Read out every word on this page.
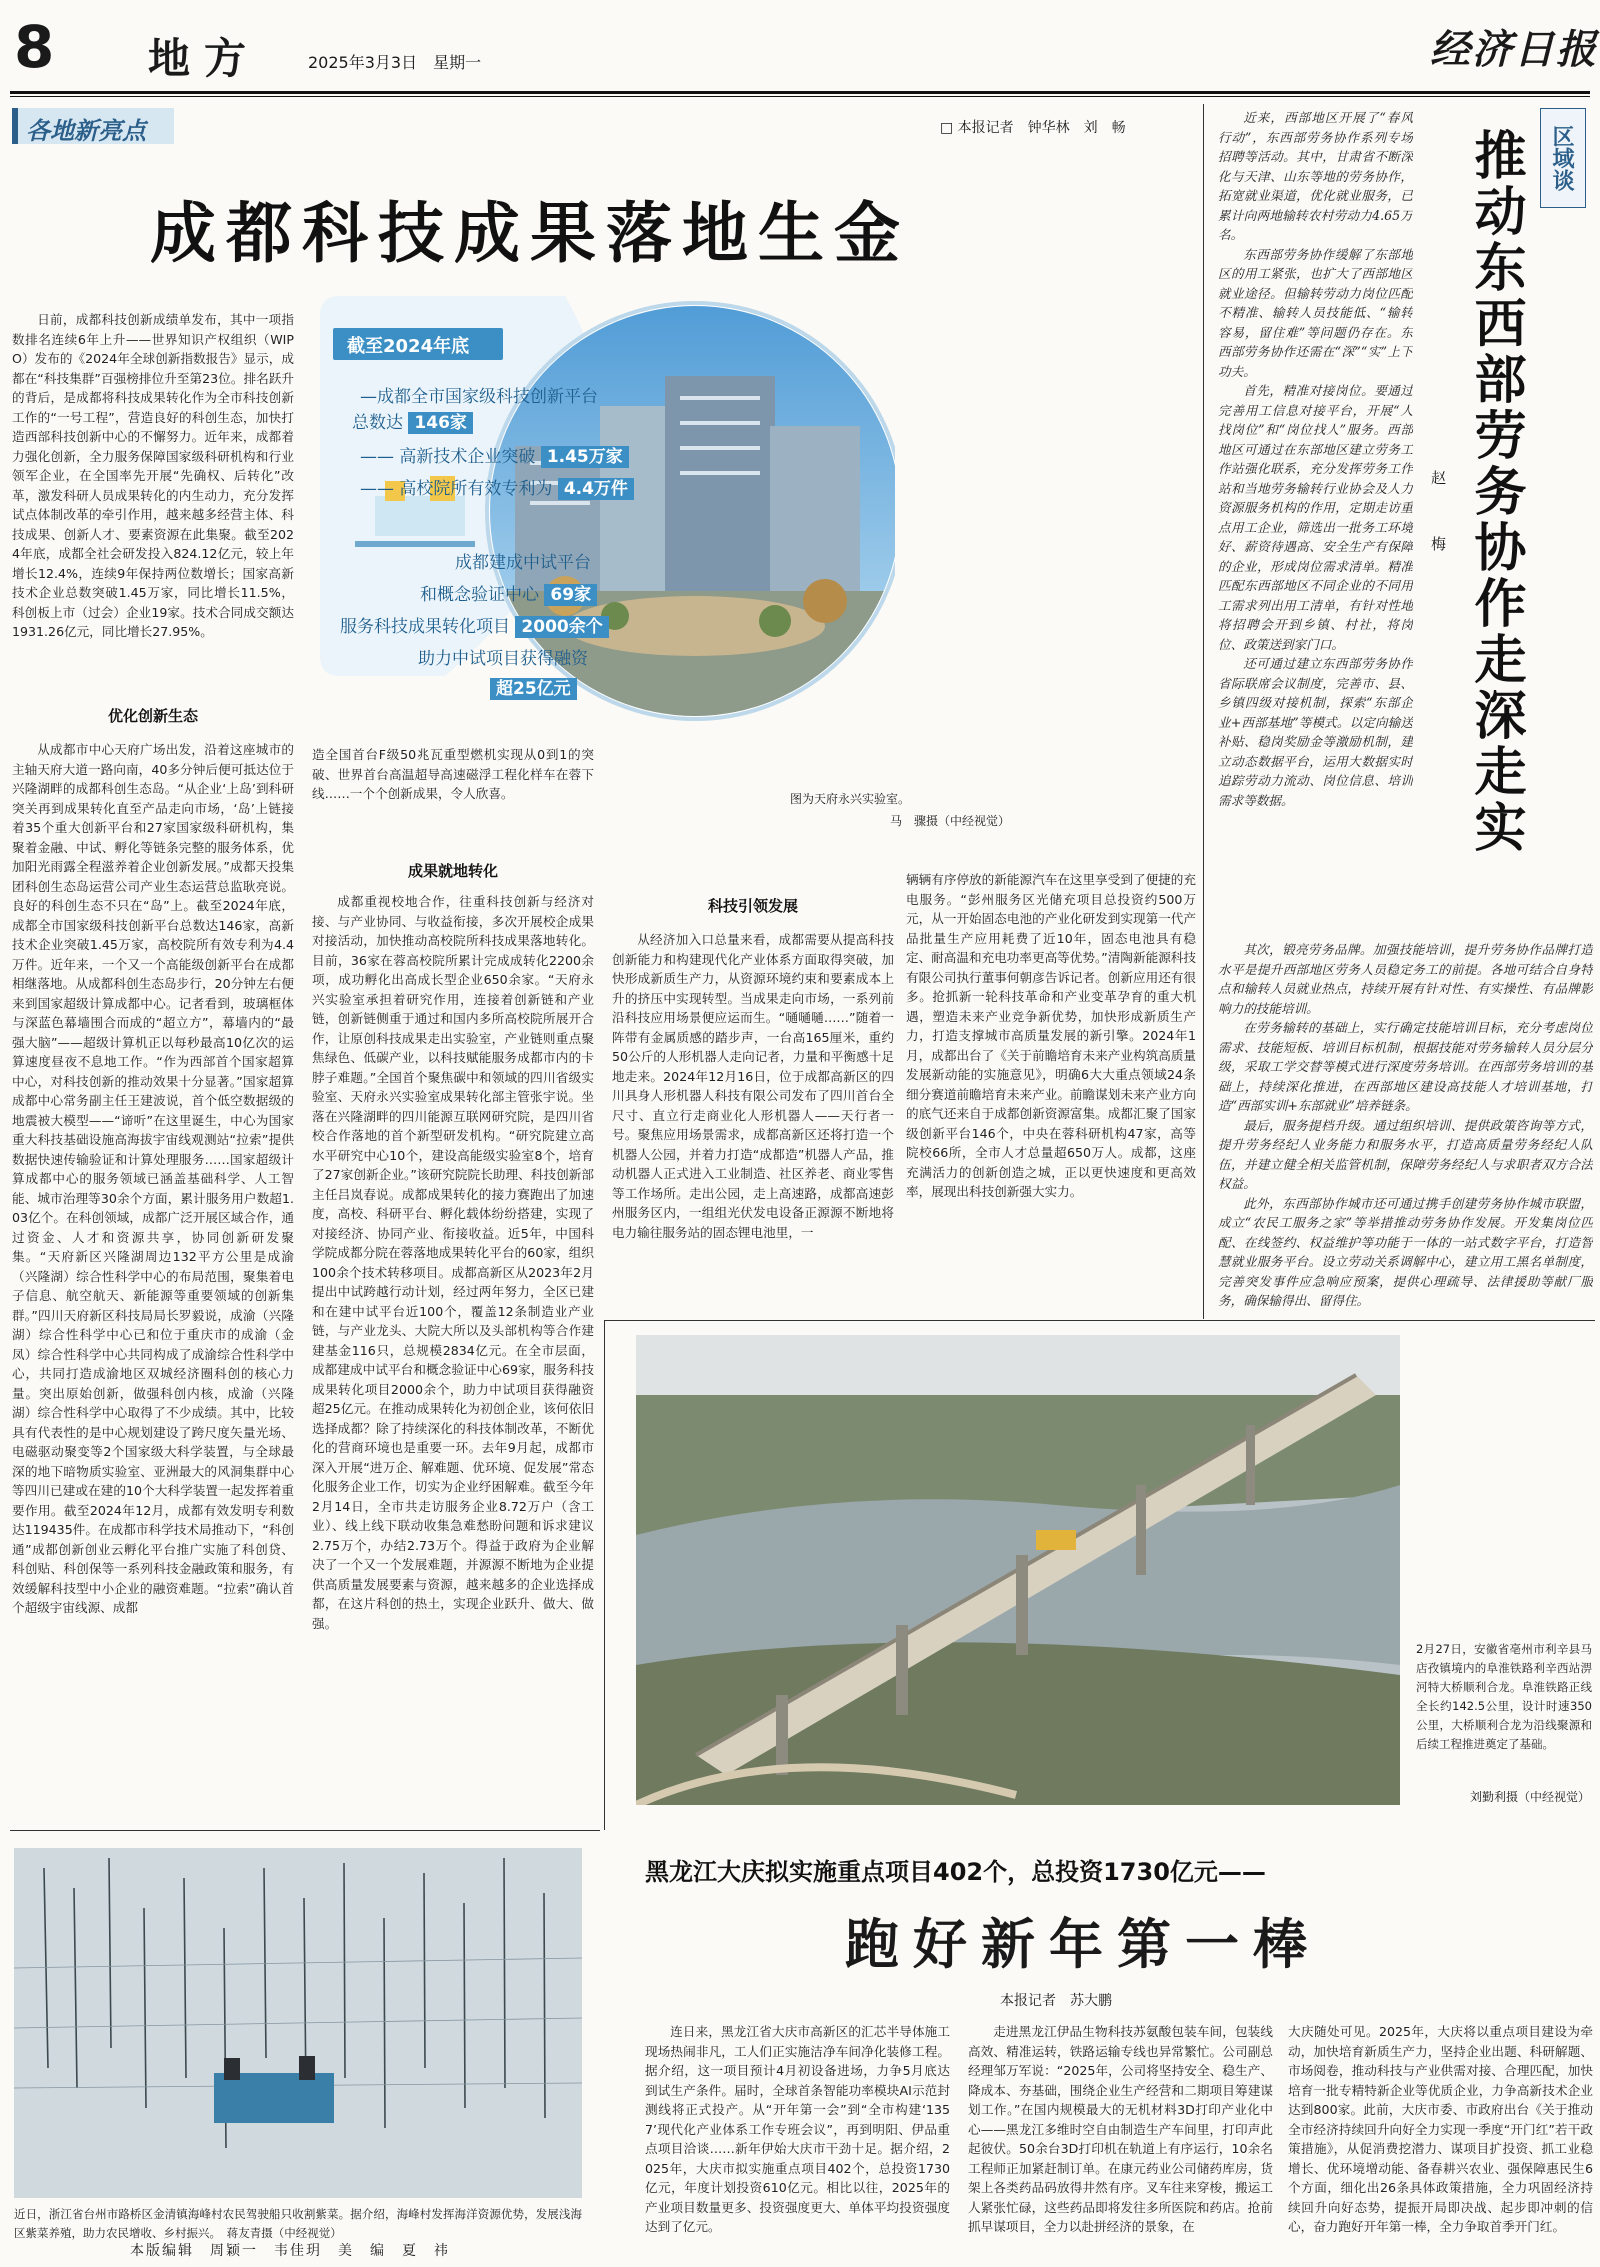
8 地方	2025年3月3日　星期一	经济日报
各地新亮点	□ 本报记者　钟华林　刘　畅
成都科技成果落地生金
日前，成都科技创新成绩单发布，其中一项指数排名连续6年上升——世界知识产权组织（WIPO）发布的《2024年全球创新指数报告》显示，成都在“科技集群”百强榜排位升至第23位。排名跃升的背后，是成都将科技成果转化作为全市科技创新工作的“一号工程”，营造良好的科创生态，加快打造西部科技创新中心的不懈努力。近年来，成都着力强化创新，全力服务保障国家级科研机构和行业领军企业，在全国率先开展“先确权、后转化”改革，激发科研人员成果转化的内生动力，充分发挥试点体制改革的牵引作用，越来越多经营主体、科技成果、创新人才、要素资源在此集聚。截至2024年底，成都全社会研发投入824.12亿元，较上年增长12.4%，连续9年保持两位数增长；国家高新技术企业总数突破1.45万家，同比增长11.5%，科创板上市（过会）企业19家。技术合同成交额达1931.26亿元，同比增长27.95%。
优化创新生态
从成都市中心天府广场出发，沿着这座城市的主轴天府大道一路向南，40多分钟后便可抵达位于兴隆湖畔的成都科创生态岛。“从企业‘上岛’到科研突关再到成果转化直至产品走向市场，‘岛’上链接着35个重大创新平台和27家国家级科研机构，集聚着金融、中试、孵化等链条完整的服务体系，优加阳光雨露全程滋养着企业创新发展。”成都天投集团科创生态岛运营公司产业生态运营总监耿亮说。良好的科创生态不只在“岛”上。截至2024年底，成都全市国家级科技创新平台总数达146家，高新技术企业突破1.45万家，高校院所有效专利为4.4万件。近年来，一个又一个高能级创新平台在成都相继落地。从成都科创生态岛步行，20分钟左右便来到国家超级计算成都中心。记者看到，玻璃框体与深蓝色幕墙围合而成的“超立方”，幕墙内的“最强大脑”——超级计算机正以每秒最高10亿次的运算速度昼夜不息地工作。“作为西部首个国家超算中心，对科技创新的推动效果十分显著。”国家超算成都中心常务副主任王建波说，首个低空数据级的地震被大模型——“谛听”在这里诞生，中心为国家重大科技基础设施高海拔宇宙线观测站“拉索”提供数据快速传输验证和计算处理服务……国家超级计算成都中心的服务领域已涵盖基础科学、人工智能、城市治理等30余个方面，累计服务用户数超1.03亿个。在科创领域，成都广泛开展区域合作，通过资金、人才和资源共享，协同创新研发聚集。“天府新区兴隆湖周边132平方公里是成渝（兴隆湖）综合性科学中心的布局范围，聚集着电子信息、航空航天、新能源等重要领域的创新集群。”四川天府新区科技局局长罗毅说，成渝（兴隆湖）综合性科学中心已和位于重庆市的成渝（金凤）综合性科学中心共同构成了成渝综合性科学中心，共同打造成渝地区双城经济圈科创的核心力量。突出原始创新，做强科创内核，成渝（兴隆湖）综合性科学中心取得了不少成绩。其中，比较具有代表性的是中心规划建设了跨尺度矢量光场、电磁驱动聚变等2个国家级大科学装置，与全球最深的地下暗物质实验室、亚洲最大的风洞集群中心等四川已建或在建的10个大科学装置一起发挥着重要作用。截至2024年12月，成都有效发明专利数达119435件。在成都市科学技术局推动下，“科创通”成都创新创业云孵化平台推广实施了科创贷、科创贴、科创保等一系列科技金融政策和服务，有效缓解科技型中小企业的融资难题。“拉索”确认首个超级宇宙线源、成都
截至2024年底
—成都全市国家级科技创新平台
总数达 146家
—— 高新技术企业突破 1.45万家
—— 高校院所有效专利为 4.4万件
成都建成中试平台
和概念验证中心 69家
服务科技成果转化项目 2000余个
助力中试项目获得融资
超25亿元
图为天府永兴实验室。
马　骤摄（中经视觉）
造全国首台F级50兆瓦重型燃机实现从0到1的突破、世界首台高温超导高速磁浮工程化样车在蓉下线……一个个创新成果，令人欣喜。
成果就地转化
成都重视校地合作，往重科技创新与经济对接、与产业协同、与收益衔接，多次开展校企成果对接活动，加快推动高校院所科技成果落地转化。目前，36家在蓉高校院所累计完成成转化2200余项，成功孵化出高成长型企业650余家。“天府永兴实验室承担着研究作用，连接着创新链和产业链，创新链侧重于通过和国内多所高校院所展开合作，让原创科技成果走出实验室，产业链则重点聚焦绿色、低碳产业，以科技赋能服务成都市内的卡脖子难题。”全国首个聚焦碳中和领域的四川省级实验室、天府永兴实验室成果转化部主管张宇说。坐落在兴隆湖畔的四川能源互联网研究院，是四川省校合作落地的首个新型研发机构。“研究院建立高水平研究中心10个，建设高能级实验室8个，培育了27家创新企业。”该研究院院长助理、科技创新部主任吕岚春说。成都成果转化的接力赛跑出了加速度，高校、科研平台、孵化载体纷纷搭建，实现了对接经济、协同产业、衔接收益。近5年，中国科学院成都分院在蓉落地成果转化平台的60家，组织100余个技术转移项目。成都高新区从2023年2月提出中试跨越行动计划，经过两年努力，全区已建和在建中试平台近100个，覆盖12条制造业产业链，与产业龙头、大院大所以及头部机构等合作建建基金116只，总规模2834亿元。在全市层面，成都建成中试平台和概念验证中心69家，服务科技成果转化项目2000余个，助力中试项目获得融资超25亿元。在推动成果转化为初创企业，该何依旧选择成都？除了持续深化的科技体制改革，不断优化的营商环境也是重要一环。去年9月起，成都市深入开展“进万企、解难题、优环境、促发展”常态化服务企业工作，切实为企业纾困解难。截至今年2月14日，全市共走访服务企业8.72万户（含工业）、线上线下联动收集急难愁盼问题和诉求建议2.75万个，办结2.73万个。得益于政府为企业解决了一个又一个发展难题，并源源不断地为企业提供高质量发展要素与资源，越来越多的企业选择成都，在这片科创的热土，实现企业跃升、做大、做强。
科技引领发展
从经济加入口总量来看，成都需要从提高科技创新能力和构建现代化产业体系方面取得突破，加快形成新质生产力，从资源环境约束和要素成本上升的挤压中实现转型。当成果走向市场，一系列前沿科技应用场景便应运而生。“嗵嗵嗵……”随着一阵带有金属质感的踏步声，一台高165厘米，重约50公斤的人形机器人走向记者，力量和平衡感十足地走来。2024年12月16日，位于成都高新区的四川具身人形机器人科技有限公司发布了四川首台全尺寸、直立行走商业化人形机器人——天行者一号。聚焦应用场景需求，成都高新区还将打造一个机器人公园，并着力打造“成都造”机器人产品，推动机器人正式进入工业制造、社区养老、商业零售等工作场所。走出公园，走上高速路，成都高速彭州服务区内，一组组光伏发电设备正源源不断地将电力输往服务站的固态锂电池里，一
辆辆有序停放的新能源汽车在这里享受到了便捷的充电服务。“彭州服务区光储充项目总投资约500万元，从一开始固态电池的产业化研发到实现第一代产品批量生产应用耗费了近10年，固态电池具有稳定、耐高温和充电功率更高等优势。”清陶新能源科技有限公司执行董事何朝彦告诉记者。创新应用还有很多。抢抓新一轮科技革命和产业变革孕育的重大机遇，塑造未来产业竞争新优势，加快形成新质生产力，打造支撑城市高质量发展的新引擎。2024年1月，成都出台了《关于前瞻培育未来产业构筑高质量发展新动能的实施意见》，明确6大大重点领域24条细分赛道前瞻培育未来产业。前瞻谋划未来产业方向的底气还来自于成都创新资源富集。成都汇聚了国家级创新平台146个，中央在蓉科研机构47家，高等院校66所，全市人才总量超650万人。成都，这座充满活力的创新创造之城，正以更快速度和更高效率，展现出科技创新强大实力。
区域谈
推动东西部劳务协作走深走实
赵　梅

近来，西部地区开展了“春风行动”，东西部劳务协作系列专场招聘等活动。其中，甘肃省不断深化与天津、山东等地的劳务协作，拓宽就业渠道，优化就业服务，已累计向两地输转农村劳动力4.65万名。

东西部劳务协作缓解了东部地区的用工紧张，也扩大了西部地区就业途径。但输转劳动力岗位匹配不精准、输转人员技能低、“输转容易，留住难”等问题仍存在。东西部劳务协作还需在“深”“实”上下功夫。

首先，精准对接岗位。要通过完善用工信息对接平台，开展“人找岗位”和“岗位找人”服务。西部地区可通过在东部地区建立劳务工作站强化联系，充分发挥劳务工作站和当地劳务输转行业协会及人力资源服务机构的作用，定期走访重点用工企业，筛选出一批务工环境好、薪资待遇高、安全生产有保障的企业，形成岗位需求清单。精准匹配东西部地区不同企业的不同用工需求列出用工清单，有针对性地将招聘会开到乡镇、村社，将岗位、政策送到家门口。

还可通过建立东西部劳务协作省际联席会议制度，完善市、县、乡镇四级对接机制，探索“东部企业+西部基地”等模式。以定向输送补贴、稳岗奖励金等激励机制，建立动态数据平台，运用大数据实时追踪劳动力流动、岗位信息、培训需求等数据。

其次，锻亮劳务品牌。加强技能培训，提升劳务协作品牌打造水平是提升西部地区劳务人员稳定务工的前提。各地可结合自身特点和输转人员就业热点，持续开展有针对性、有实操性、有品牌影响力的技能培训。

在劳务输转的基础上，实行确定技能培训目标，充分考虑岗位需求、技能短板、培训目标机制，根据技能对劳务输转人员分层分级，采取工学交替等模式进行深度劳务培训。在西部劳务培训的基础上，持续深化推进，在西部地区建设高技能人才培训基地，打造“西部实训+东部就业”培养链条。

最后，服务提档升级。通过组织培训、提供政策咨询等方式，提升劳务经纪人业务能力和服务水平，打造高质量劳务经纪人队伍，并建立健全相关监管机制，保障劳务经纪人与求职者双方合法权益。

此外，东西部协作城市还可通过携手创建劳务协作城市联盟，成立“农民工服务之家”等举措推动劳务协作发展。开发集岗位匹配、在线签约、权益维护等功能于一体的一站式数字平台，打造智慧就业服务平台。设立劳动关系调解中心，建立用工黑名单制度，完善突发事件应急响应预案，提供心理疏导、法律援助等献厂服务，确保输得出、留得住。

2月27日，安徽省亳州市利辛县马店孜镇境内的阜淮铁路利辛西站淠河特大桥顺利合龙。阜淮铁路正线全长约142.5公里，设计时速350公里，大桥顺利合龙为沿线聚源和后续工程推进奠定了基础。
刘勤利摄（中经视觉）
黑龙江大庆拟实施重点项目402个，总投资1730亿元——
跑好新年第一棒
本报记者　苏大鹏
连日来，黑龙江省大庆市高新区的汇芯半导体施工现场热闹非凡，工人们正实施洁净车间净化装修工程。据介绍，这一项目预计4月初设备进场，力争5月底达到试生产条件。届时，全球首条智能功率模块AI示范封测线将正式投产。从“开年第一会”到“全市构建‘1357’现代化产业体系工作专班会议”，再到明阳、伊品重点项目洽谈……新年伊始大庆市干劲十足。据介绍，2025年，大庆市拟实施重点项目402个，总投资1730亿元，年度计划投资610亿元。相比以往，2025年的产业项目数量更多、投资强度更大、单体平均投资强度达到了亿元。
走进黑龙江伊品生物科技苏氨酸包装车间，包装线高效、精准运转，铁路运输专线也异常繁忙。公司副总经理邹万军说：“2025年，公司将坚持安全、稳生产、降成本、夯基础，围绕企业生产经营和二期项目筹建谋划工作。”在国内规模最大的无机材料3D打印产业化中心——黑龙江多维时空自由制造生产车间里，打印声此起彼伏。50余台3D打印机在轨道上有序运行，10余名工程师正加紧赶制订单。在康元药业公司储药库房，货架上各类药品码放得井然有序。叉车往来穿梭，搬运工人紧张忙碌，这些药品即将发往多所医院和药店。抢前抓早谋项目，全力以赴拼经济的景象，在
大庆随处可见。2025年，大庆将以重点项目建设为牵动，加快培育新质生产力，坚持企业出题、科研解题、市场阅卷，推动科技与产业供需对接、合理匹配，加快培育一批专精特新企业等优质企业，力争高新技术企业达到800家。此前，大庆市委、市政府出台《关于推动全市经济持续回升向好全力实现一季度“开门红”若干政策措施》，从促消费挖潜力、谋项目扩投资、抓工业稳增长、优环境增动能、备春耕兴农业、强保障惠民生6个方面，细化出26条具体政策措施，全力巩固经济持续回升向好态势，提振开局即决战、起步即冲刺的信心，奋力跑好开年第一棒，全力争取首季开门红。
近日，浙江省台州市路桥区金清镇海峰村农民驾驶船只收割紫菜。据介绍，海峰村发挥海洋资源优势，发展浅海区紫菜养殖，助力农民增收、乡村振兴。　 蒋友青摄（中经视觉）
本版编辑　周颖一　韦佳玥　美　编　夏　祎
